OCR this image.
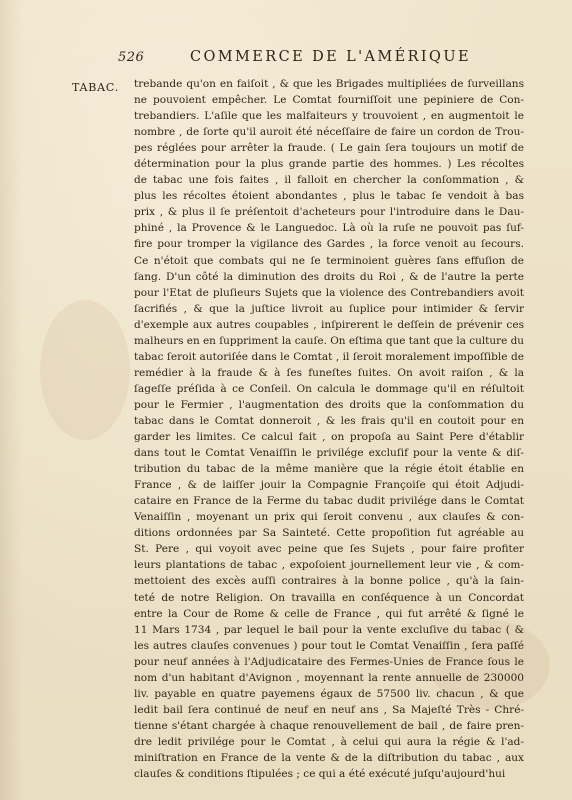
526	COMMERCE DE L'AMÉRIQUE
TABAC. trebande qu'on en faiſoit , & que les Brigades multipliées de ſurveillans
ne pouvoient empêcher. Le Comtat fourniſſoit une pepiniere de Con-
trebandiers. L'aſile que les malfaiteurs y trouvoient , en augmentoit le
nombre , de ſorte qu'il auroit été néceſſaire de faire un cordon de Trou-
pes réglées pour arrêter la fraude. ( Le gain ſera toujours un motif de
détermination pour la plus grande partie des hommes. ) Les récoltes
de tabac une fois faites , il falloit en chercher la conſommation , &
plus les récoltes étoient abondantes , plus le tabac ſe vendoit à bas
prix , & plus il ſe préſentoit d'acheteurs pour l'introduire dans le Dau-
phiné , la Provence & le Languedoc. Là où la ruſe ne pouvoit pas ſuf-
fire pour tromper la vigilance des Gardes , la force venoit au ſecours.
Ce n'étoit que combats qui ne ſe terminoient guères ſans effuſion de
ſang. D'un côté la diminution des droits du Roi , & de l'autre la perte
pour l'Etat de pluſieurs Sujets que la violence des Contrebandiers avoit
ſacrifiés , & que la juſtice livroit au ſuplice pour intimider & ſervir
d'exemple aux autres coupables , inſpirerent le deſſein de prévenir ces
malheurs en en ſuppriment la cauſe. On eſtima que tant que la culture du
tabac ſeroit autoriſée dans le Comtat , il ſeroit moralement impoſſible de
remédier à la fraude & à ſes funeſtes ſuites. On avoit raiſon , & la
ſageſſe préſida à ce Conſeil. On calcula le dommage qu'il en réſultoit
pour le Fermier , l'augmentation des droits que la conſommation du
tabac dans le Comtat donneroit , & les frais qu'il en coutoit pour en
garder les limites. Ce calcul fait , on propoſa au Saint Pere d'établir
dans tout le Comtat Venaiſſin le privilége excluſif pour la vente & diſ-
tribution du tabac de la même manière que la régie étoit établie en
France , & de laiſſer jouir la Compagnie Françoiſe qui étoit Adjudi-
cataire en France de la Ferme du tabac dudit privilége dans le Comtat
Venaiſſin , moyenant un prix qui ſeroit convenu , aux clauſes & con-
ditions ordonnées par Sa Sainteté. Cette propoſition fut agréable au
St. Pere , qui voyoit avec peine que ſes Sujets , pour faire profiter
leurs plantations de tabac , expoſoient journellement leur vie , & com-
mettoient des excès auſſi contraires à la bonne police , qu'à la ſain-
teté de notre Religion. On travailla en conſéquence à un Concordat
entre la Cour de Rome & celle de France , qui fut arrêté & ſigné le
11 Mars 1734 , par lequel le bail pour la vente excluſive du tabac ( &
les autres clauſes convenues ) pour tout le Comtat Venaiſſin , ſera paſſé
pour neuf années à l'Adjudicataire des Fermes-Unies de France ſous le
nom d'un habitant d'Avignon , moyennant la rente annuelle de 230000
liv. payable en quatre payemens égaux de 57500 liv. chacun , & que
ledit bail ſera continué de neuf en neuf ans , Sa Majeſté Très - Chré-
tienne s'étant chargée à chaque renouvellement de bail , de faire pren-
dre ledit privilége pour le Comtat , à celui qui aura la régie & l'ad-
miniſtration en France de la vente & de la diſtribution du tabac , aux
clauſes & conditions ſtipulées ; ce qui a été exécuté juſqu'aujourd'hui
